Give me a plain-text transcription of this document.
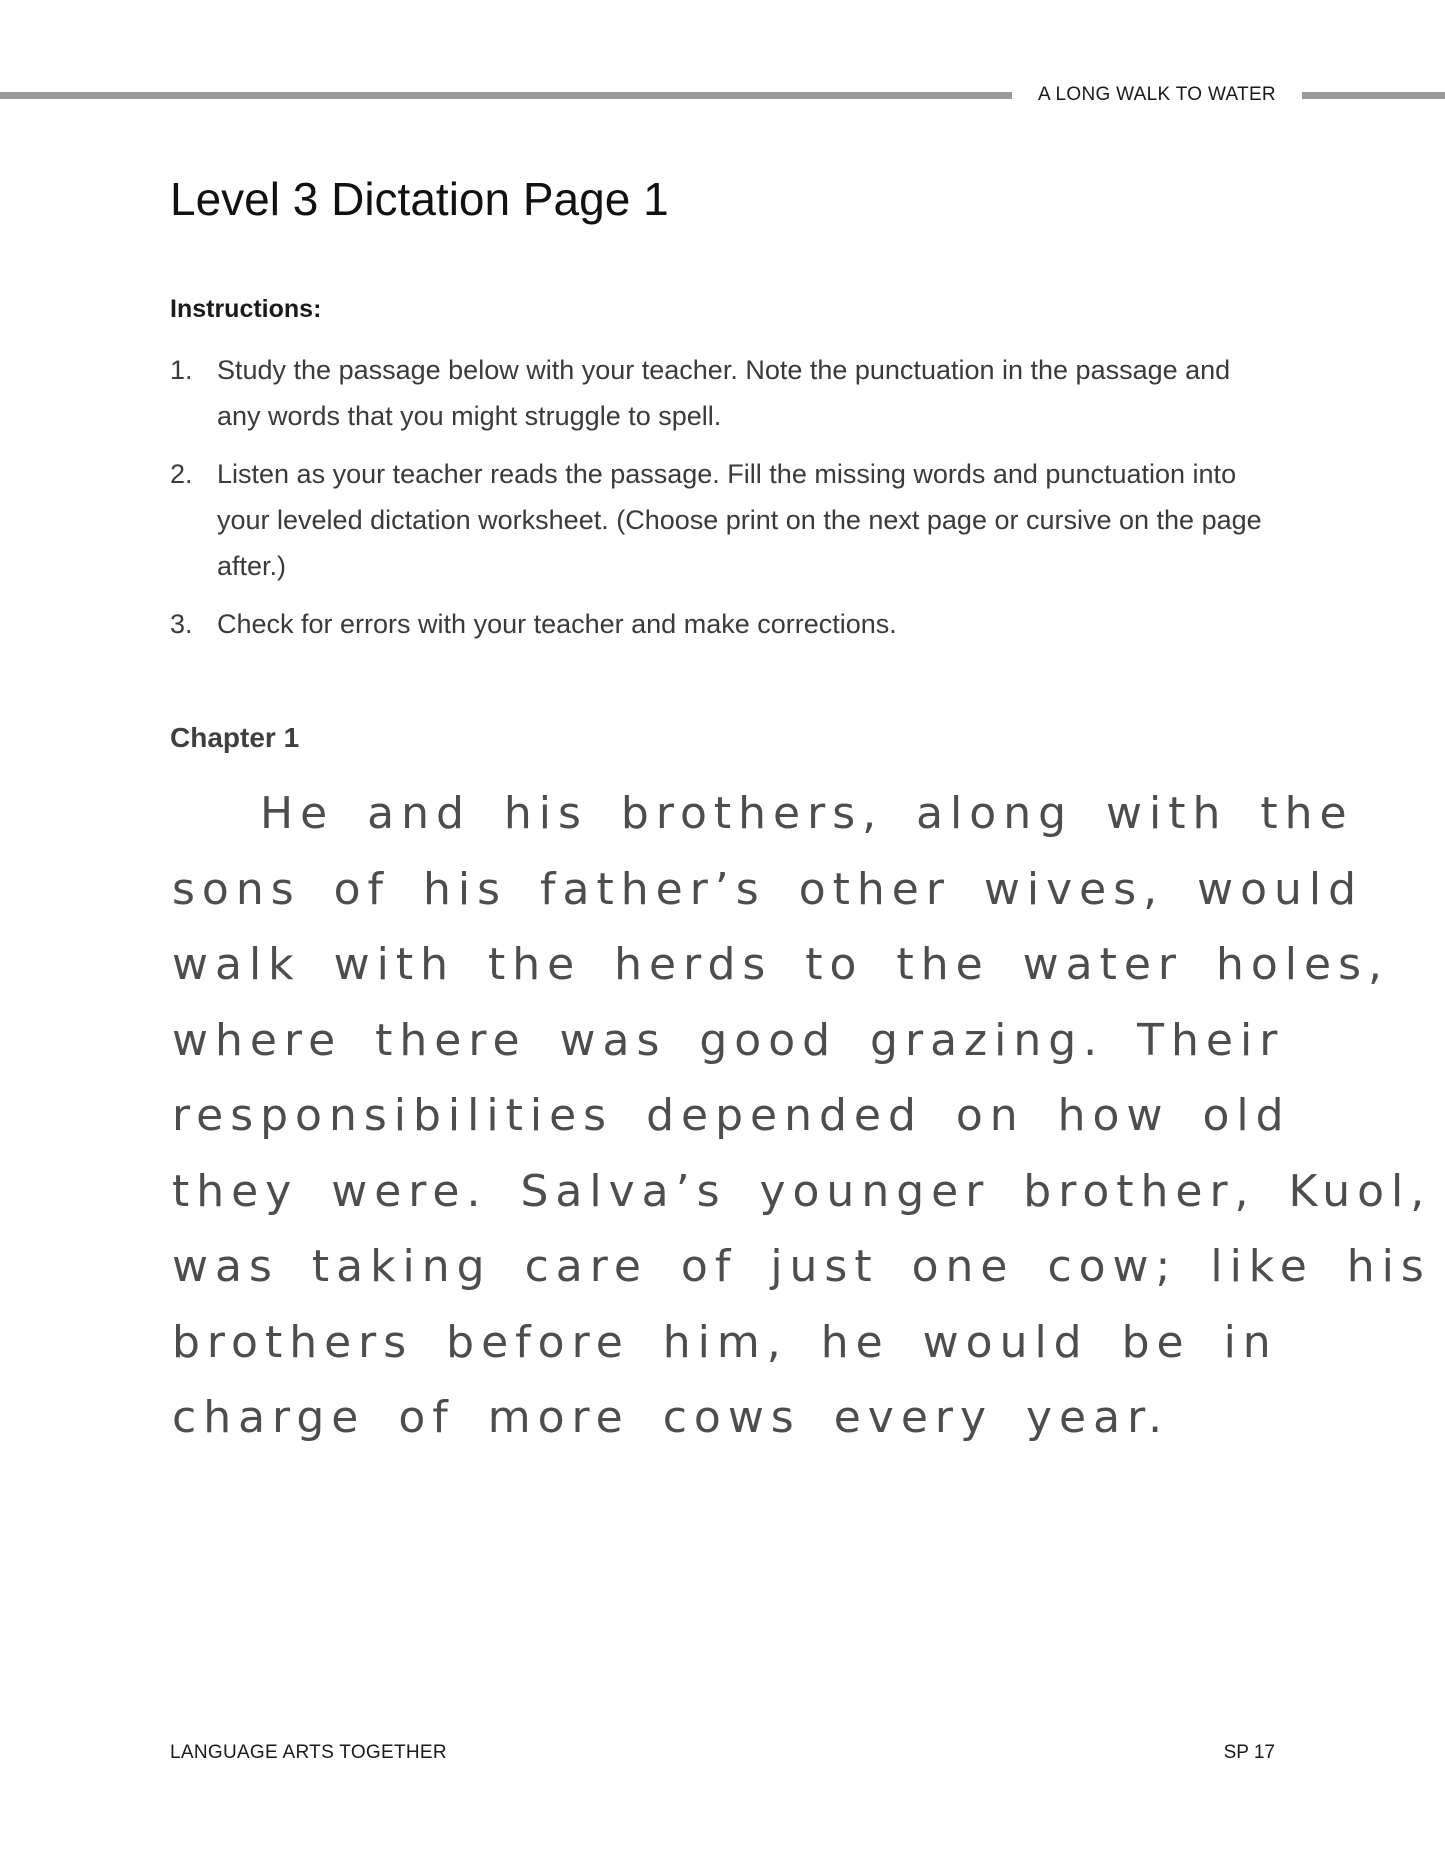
A LONG WALK TO WATER
Level 3 Dictation Page 1
Instructions:
1. Study the passage below with your teacher. Note the punctuation in the passage and any words that you might struggle to spell.
2. Listen as your teacher reads the passage. Fill the missing words and punctuation into your leveled dictation worksheet. (Choose print on the next page or cursive on the page after.)
3. Check for errors with your teacher and make corrections.
Chapter 1
He and his brothers, along with the
sons of his father’s other wives, would
walk with the herds to the water holes,
where there was good grazing. Their
responsibilities depended on how old
they were. Salva’s younger brother, Kuol,
was taking care of just one cow; like his
brothers before him, he would be in
charge of more cows every year.
LANGUAGE ARTS TOGETHER	SP 17
